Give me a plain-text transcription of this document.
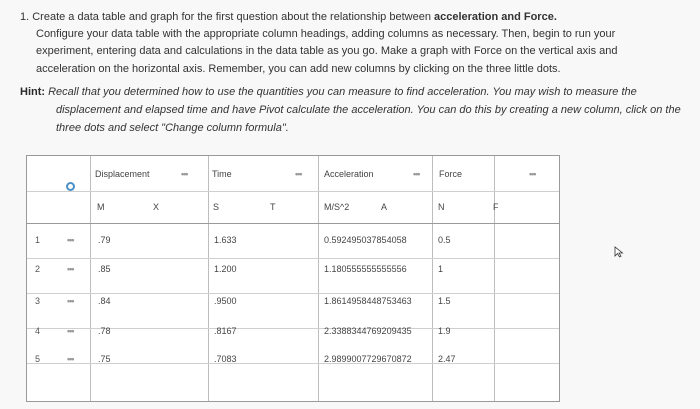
1. Create a data table and graph for the first question about the relationship between acceleration and Force.
Configure your data table with the appropriate column headings, adding columns as necessary. Then, begin to run your
experiment, entering data and calculations in the data table as you go. Make a graph with Force on the vertical axis and
acceleration on the horizontal axis. Remember, you can add new columns by clicking on the three little dots.
Hint: Recall that you determined how to use the quantities you can measure to find acceleration. You may wish to measure the
displacement and elapsed time and have Pivot calculate the acceleration. You can do this by creating a new column, click on the
three dots and select "Change column formula".
Displacement	•••	Time	•••	Acceleration	••• Force	•••
M	X	S	T	M/S^2	A	N	F
1	•••	.79	1.633	0.592495037854058	0.5
2	•••	.85	1.200	1.180555555555556	1
3	•••	.84	.9500	1.8614958448753463	1.5
4	•••	.78	.8167	2.3388344769209435	1.9
5	•••	.75	.7083	2.9899007729670872	2.47
